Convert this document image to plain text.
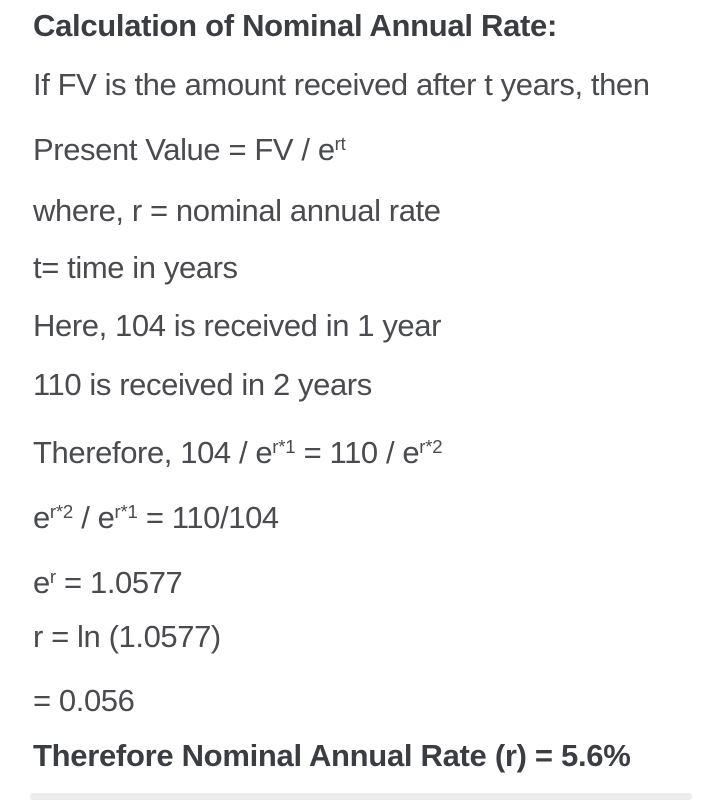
Calculation of Nominal Annual Rate:
If FV is the amount received after t years, then
Present Value = FV / $e^{rt}$
where, r = nominal annual rate
t= time in years
Here, 104 is received in 1 year
110 is received in 2 years
Therefore, $104 / e^{r*1} = 110 / e^{r*2}$
$e^{r*2} / e^{r*1} = 110/104$
$e^r = 1.0577$
r = ln (1.0577)
= 0.056
Therefore Nominal Annual Rate (r) = 5.6%
